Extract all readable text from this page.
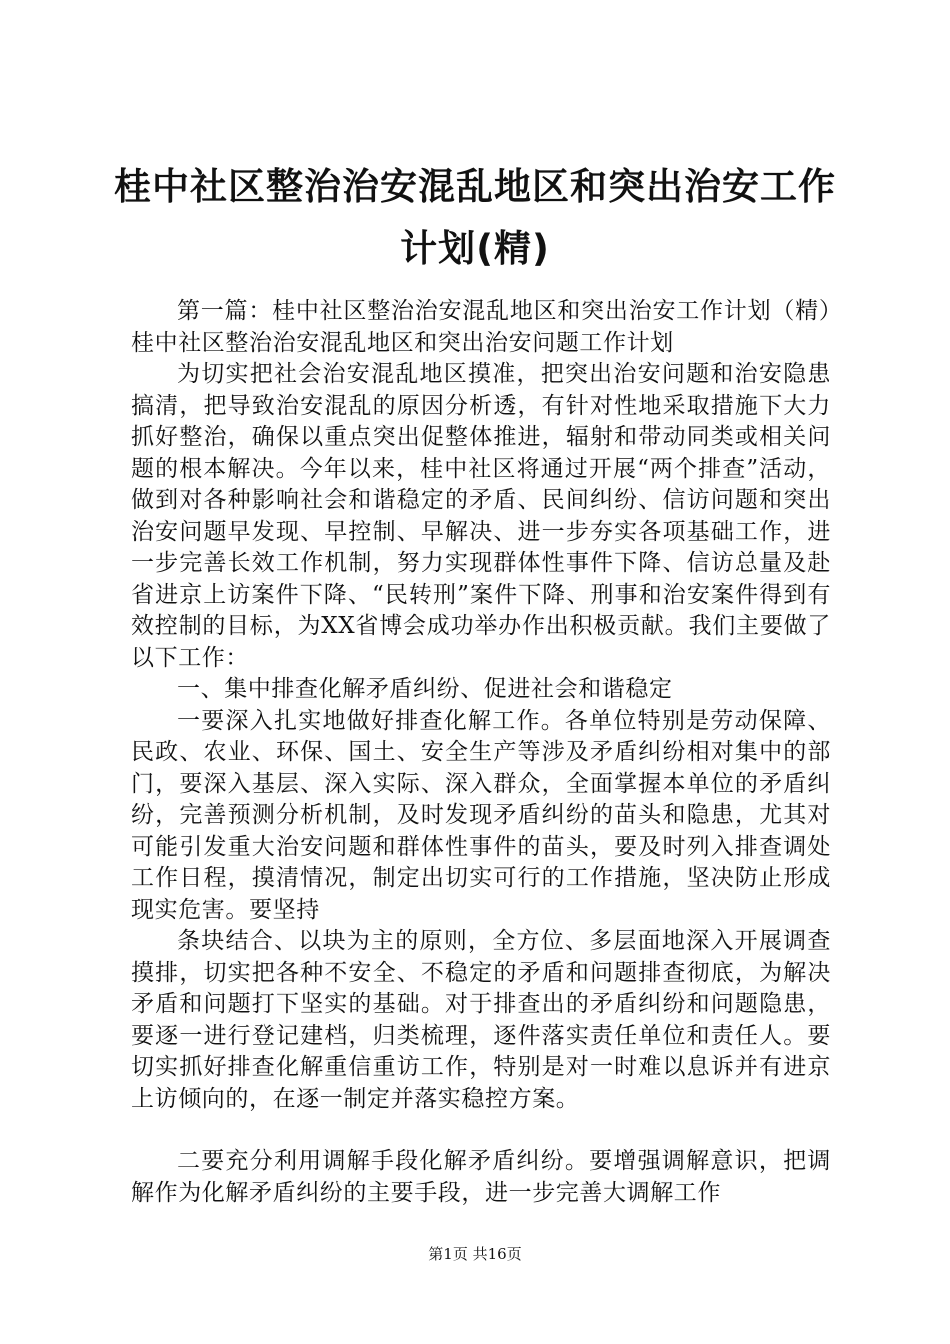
桂中社区整治治安混乱地区和突出治安工作计划(精)

第一篇：桂中社区整治治安混乱地区和突出治安工作计划（精）桂中社区整治治安混乱地区和突出治安问题工作计划

为切实把社会治安混乱地区摸准，把突出治安问题和治安隐患搞清，把导致治安混乱的原因分析透，有针对性地采取措施下大力抓好整治，确保以重点突出促整体推进，辐射和带动同类或相关问题的根本解决。今年以来，桂中社区将通过开展“两个排查”活动，做到对各种影响社会和谐稳定的矛盾、民间纠纷、信访问题和突出治安问题早发现、早控制、早解决、进一步夯实各项基础工作，进一步完善长效工作机制，努力实现群体性事件下降、信访总量及赴省进京上访案件下降、“民转刑”案件下降、刑事和治安案件得到有效控制的目标，为XX省博会成功举办作出积极贡献。我们主要做了以下工作：

一、集中排查化解矛盾纠纷、促进社会和谐稳定

一要深入扎实地做好排查化解工作。各单位特别是劳动保障、民政、农业、环保、国土、安全生产等涉及矛盾纠纷相对集中的部门，要深入基层、深入实际、深入群众，全面掌握本单位的矛盾纠纷，完善预测分析机制，及时发现矛盾纠纷的苗头和隐患，尤其对可能引发重大治安问题和群体性事件的苗头，要及时列入排查调处工作日程，摸清情况，制定出切实可行的工作措施，坚决防止形成现实危害。要坚持

条块结合、以块为主的原则，全方位、多层面地深入开展调查摸排，切实把各种不安全、不稳定的矛盾和问题排查彻底，为解决矛盾和问题打下坚实的基础。对于排查出的矛盾纠纷和问题隐患，要逐一进行登记建档，归类梳理，逐件落实责任单位和责任人。要切实抓好排查化解重信重访工作，特别是对一时难以息诉并有进京上访倾向的，在逐一制定并落实稳控方案。

二要充分利用调解手段化解矛盾纠纷。要增强调解意识，把调解作为化解矛盾纠纷的主要手段，进一步完善大调解工作

第1页 共16页
